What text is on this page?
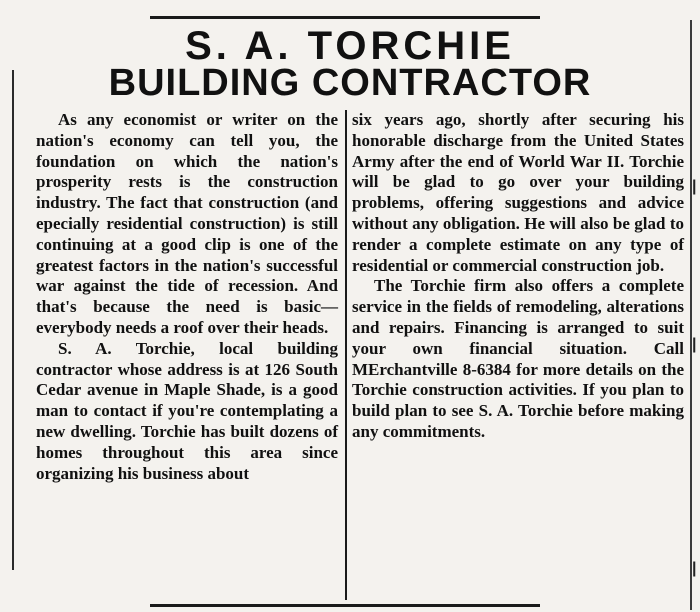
|
|
|
S. A. TORCHIE
BUILDING CONTRACTOR

As any economist or writer on the nation's economy can tell you, the foundation on which the nation's prosperity rests is the construction industry. The fact that construction (and epecially residential construction) is still continuing at a good clip is one of the greatest factors in the nation's successful war against the tide of recession. And that's because the need is basic—everybody needs a roof over their heads.

S. A. Torchie, local building contractor whose address is at 126 South Cedar avenue in Maple Shade, is a good man to contact if you're contemplating a new dwelling. Torchie has built dozens of homes throughout this area since organizing his business about

six years ago, shortly after securing his honorable discharge from the United States Army after the end of World War II. Torchie will be glad to go over your building problems, offering suggestions and advice without any obligation. He will also be glad to render a complete estimate on any type of residential or commercial construction job.

The Torchie firm also offers a complete service in the fields of remodeling, alterations and repairs. Financing is arranged to suit your own financial situation. Call MErchantville 8-6384 for more details on the Torchie construction activities. If you plan to build plan to see S. A. Torchie before making any commitments.
